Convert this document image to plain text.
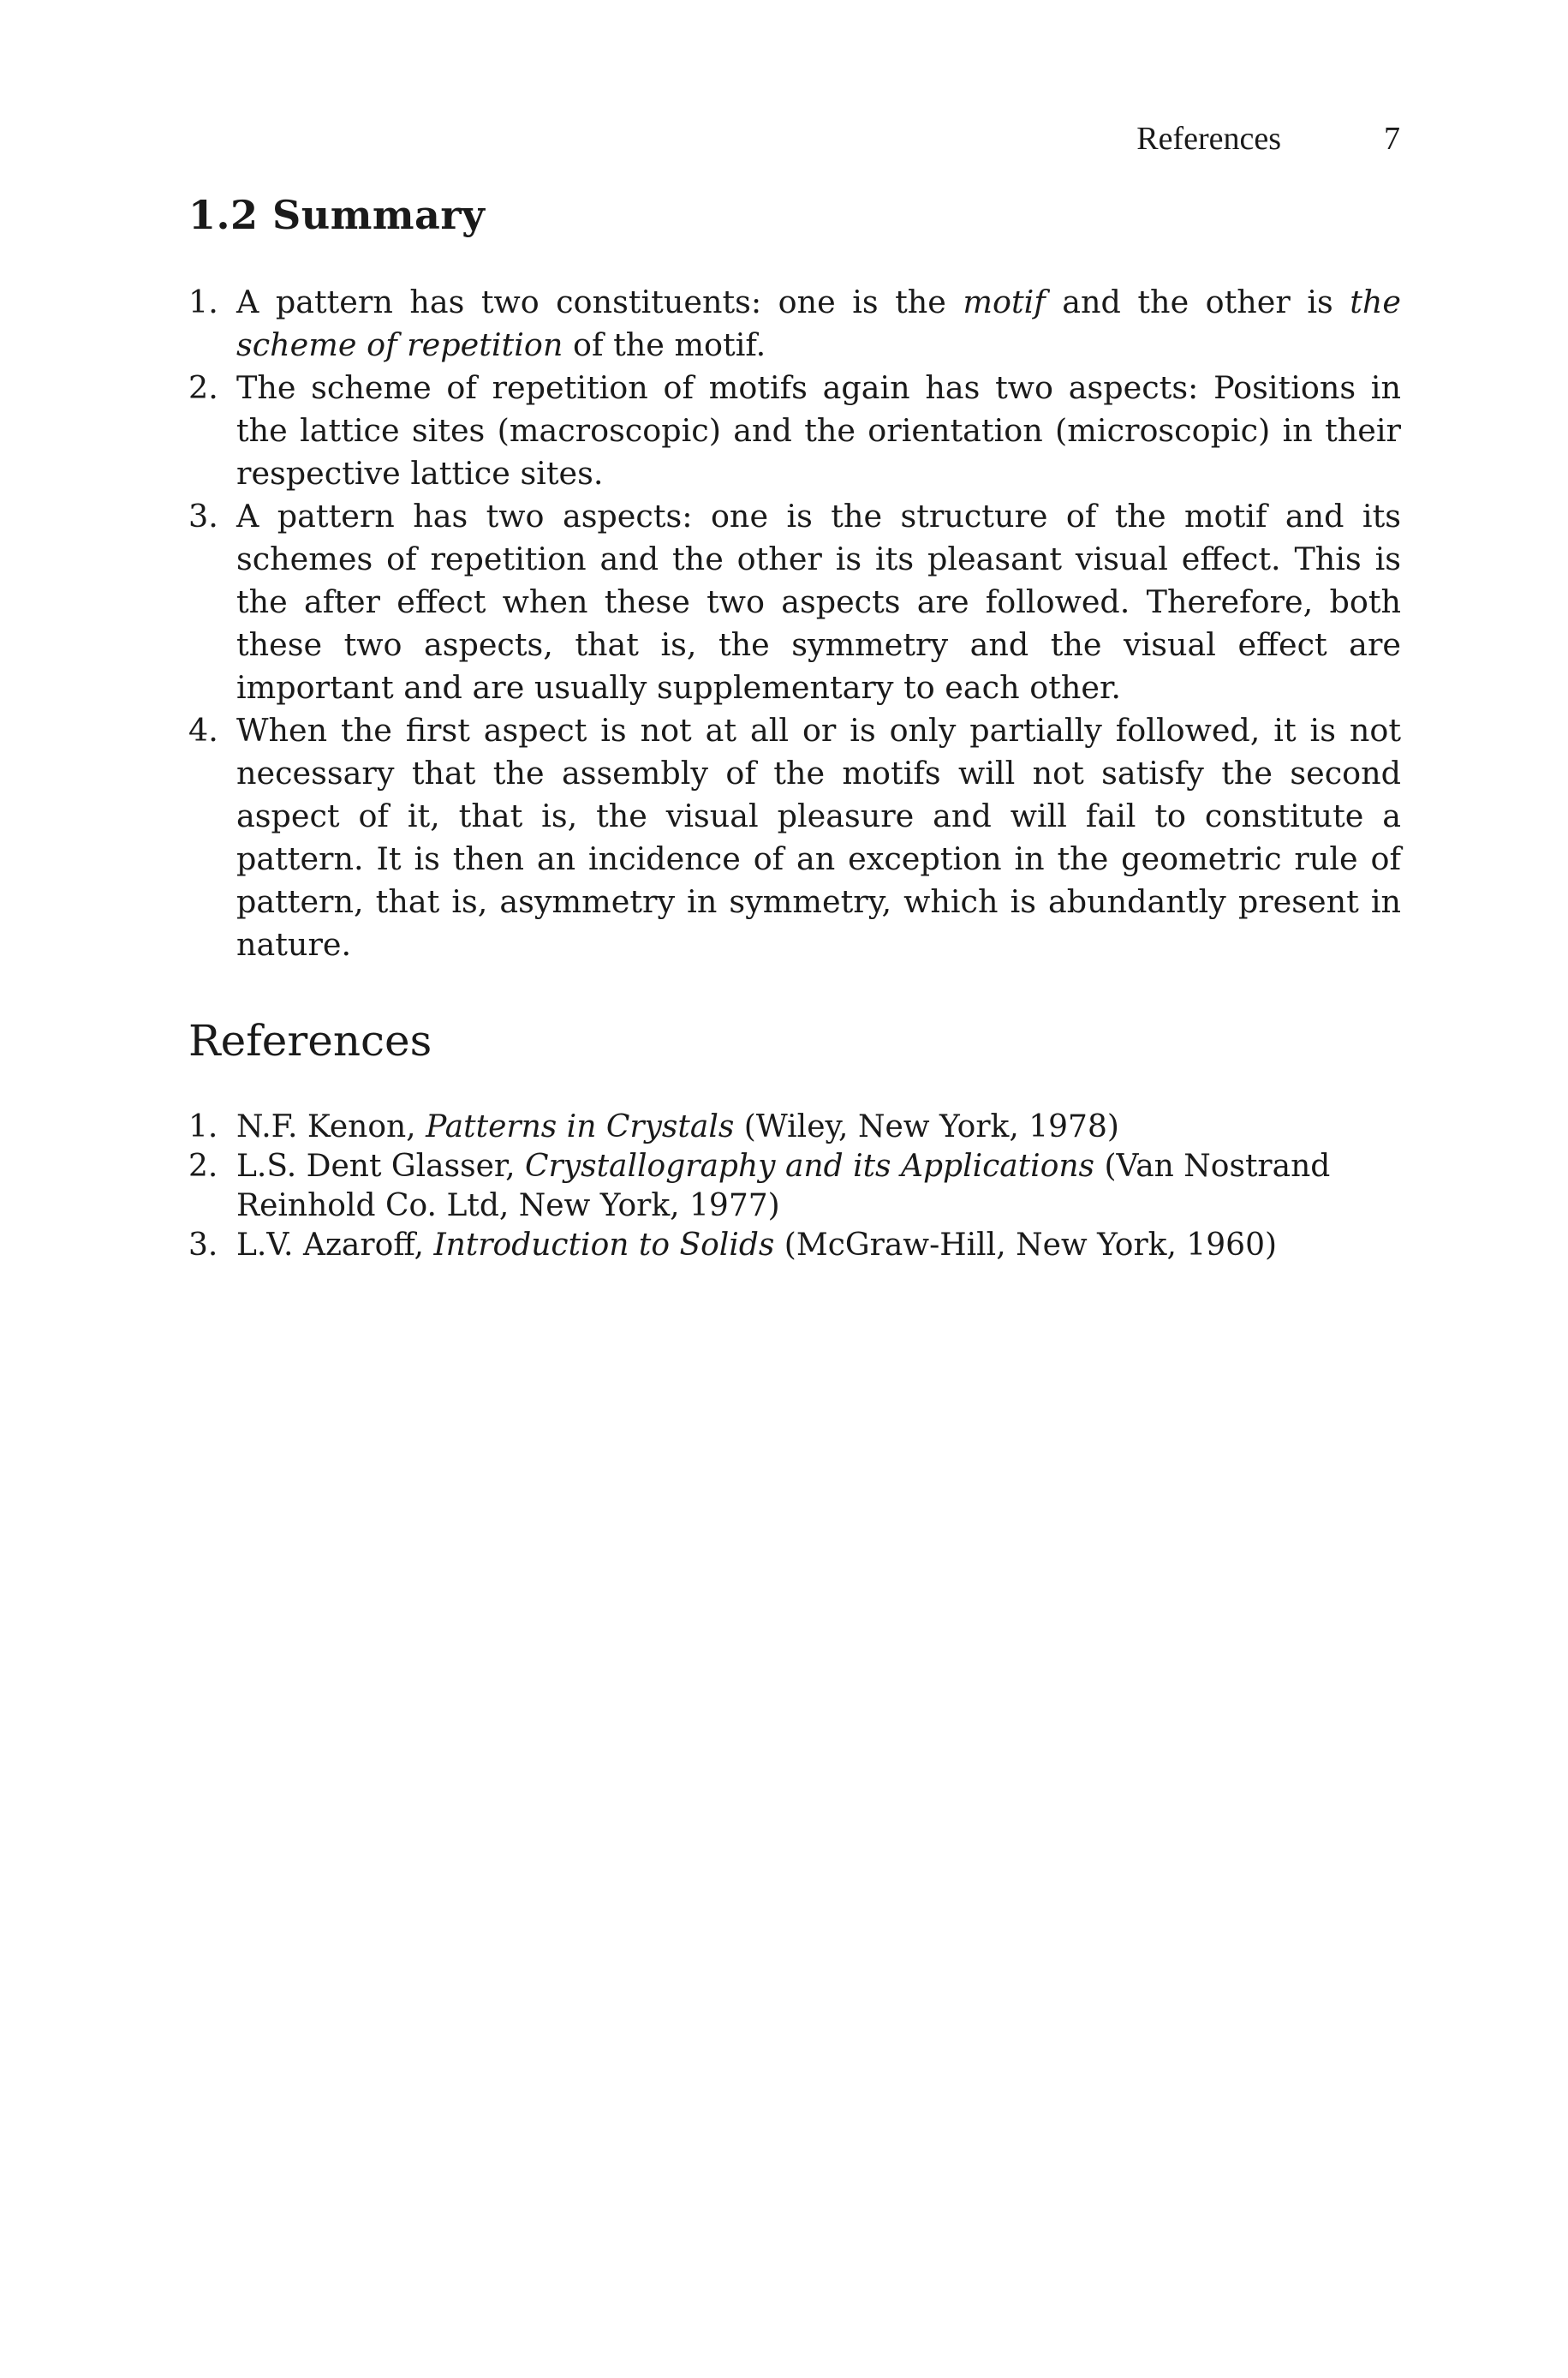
References	7
1.2 Summary
1. A pattern has two constituents: one is the motif and the other is the scheme of repetition of the motif.
2. The scheme of repetition of motifs again has two aspects: Positions in the lattice sites (macroscopic) and the orientation (microscopic) in their respective lattice sites.
3. A pattern has two aspects: one is the structure of the motif and its schemes of repetition and the other is its pleasant visual effect. This is the after effect when these two aspects are followed. Therefore, both these two aspects, that is, the symmetry and the visual effect are important and are usually supplementary to each other.
4. When the first aspect is not at all or is only partially followed, it is not necessary that the assembly of the motifs will not satisfy the second aspect of it, that is, the visual pleasure and will fail to constitute a pattern. It is then an incidence of an exception in the geometric rule of pattern, that is, asymmetry in symmetry, which is abundantly present in nature.
References
1. N.F. Kenon, Patterns in Crystals (Wiley, New York, 1978)
2. L.S. Dent Glasser, Crystallography and its Applications (Van Nostrand Reinhold Co. Ltd, New York, 1977)
3. L.V. Azaroff, Introduction to Solids (McGraw-Hill, New York, 1960)
